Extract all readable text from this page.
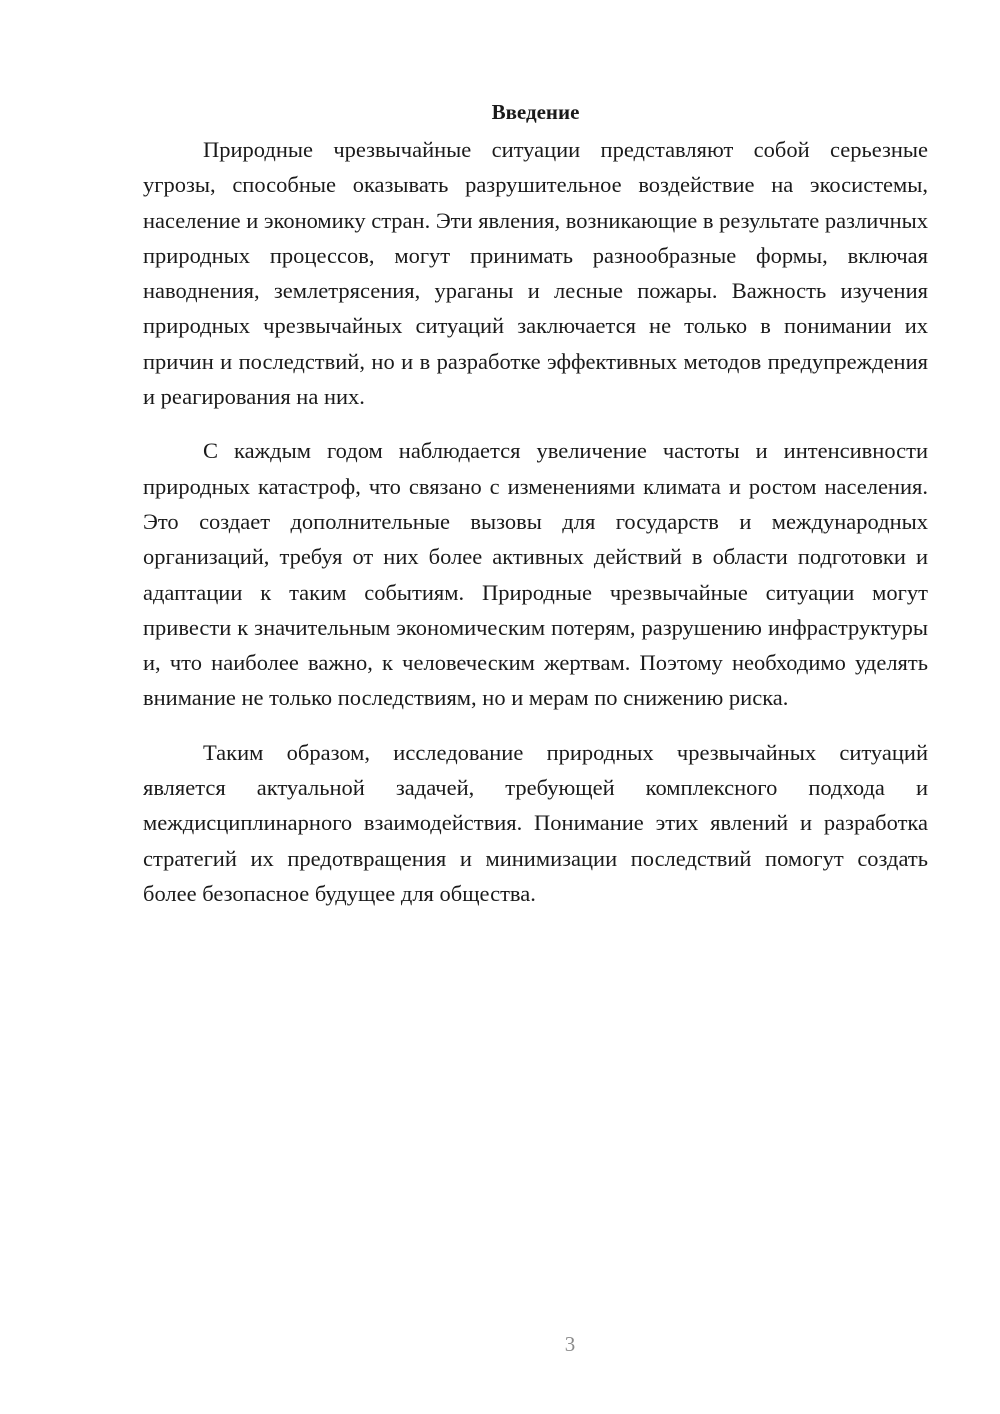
Введение

Природные чрезвычайные ситуации представляют собой серьезные угрозы, способные оказывать разрушительное воздействие на экосистемы, население и экономику стран. Эти явления, возникающие в результате различных природных процессов, могут принимать разнообразные формы, включая наводнения, землетрясения, ураганы и лесные пожары. Важность изучения природных чрезвычайных ситуаций заключается не только в понимании их причин и последствий, но и в разработке эффективных методов предупреждения и реагирования на них.

С каждым годом наблюдается увеличение частоты и интенсивности природных катастроф, что связано с изменениями климата и ростом населения. Это создает дополнительные вызовы для государств и международных организаций, требуя от них более активных действий в области подготовки и адаптации к таким событиям. Природные чрезвычайные ситуации могут привести к значительным экономическим потерям, разрушению инфраструктуры и, что наиболее важно, к человеческим жертвам. Поэтому необходимо уделять внимание не только последствиям, но и мерам по снижению риска.

Таким образом, исследование природных чрезвычайных ситуаций является актуальной задачей, требующей комплексного подхода и междисциплинарного взаимодействия. Понимание этих явлений и разработка стратегий их предотвращения и минимизации последствий помогут создать более безопасное будущее для общества.

3
